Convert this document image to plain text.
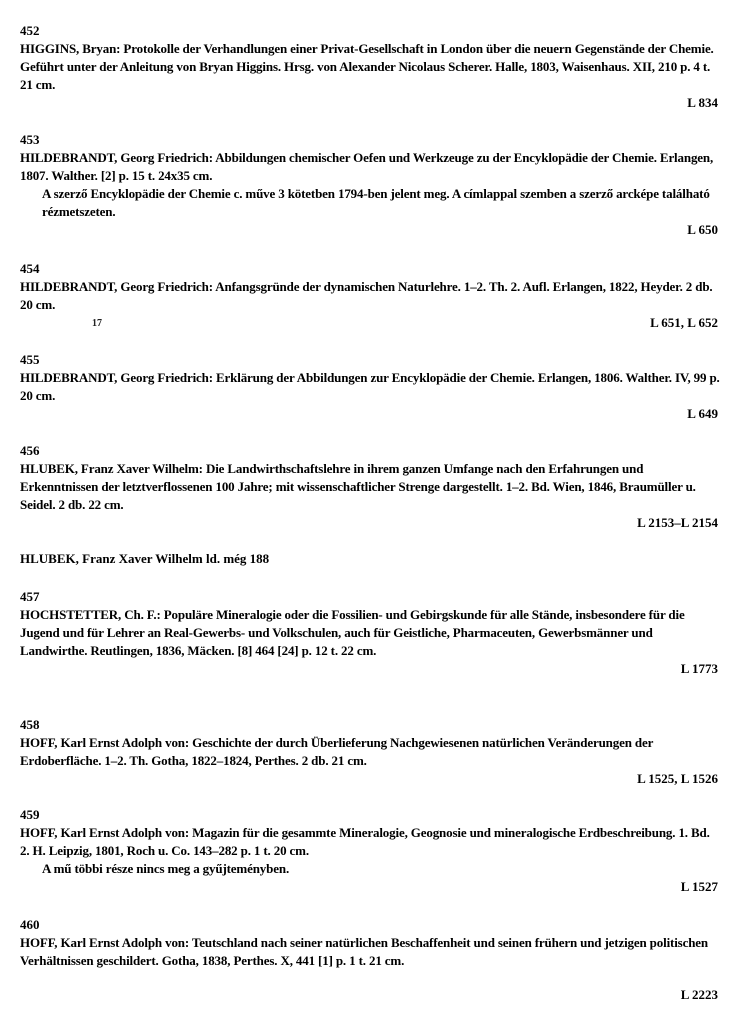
452
HIGGINS, Bryan: Protokolle der Verhandlungen einer Privat-Gesellschaft in London über die neuern Gegenstände der Chemie. Geführt unter der Anleitung von Bryan Higgins. Hrsg. von Alexander Nicolaus Scherer. Halle, 1803, Waisenhaus. XII, 210 p. 4 t. 21 cm.
L 834
453
HILDEBRANDT, Georg Friedrich: Abbildungen chemischer Oefen und Werkzeuge zu der Encyklopädie der Chemie. Erlangen, 1807. Walther. [2] p. 15 t. 24x35 cm.
A szerző Encyklopädie der Chemie c. műve 3 kötetben 1794-ben jelent meg. A címlappal szemben a szerző arcképe található rézmetszeten.
L 650
454
HILDEBRANDT, Georg Friedrich: Anfangsgründe der dynamischen Naturlehre. 1–2. Th. 2. Aufl. Erlangen, 1822, Heyder. 2 db. 20 cm.
L 651, L 652
17
455
HILDEBRANDT, Georg Friedrich: Erklärung der Abbildungen zur Encyklopädie der Chemie. Erlangen, 1806. Walther. IV, 99 p. 20 cm.
L 649
456
HLUBEK, Franz Xaver Wilhelm: Die Landwirthschaftslehre in ihrem ganzen Umfange nach den Erfahrungen und Erkenntnissen der letztverflossenen 100 Jahre; mit wissenschaftlicher Strenge dargestellt. 1–2. Bd. Wien, 1846, Braumüller u. Seidel. 2 db. 22 cm.
L 2153–L 2154
HLUBEK, Franz Xaver Wilhelm ld. még 188
457
HOCHSTETTER, Ch. F.: Populäre Mineralogie oder die Fossilien- und Gebirgskunde für alle Stände, insbesondere für die Jugend und für Lehrer an Real-Gewerbs- und Volkschulen, auch für Geistliche, Pharmaceuten, Gewerbsmänner und Landwirthe. Reutlingen, 1836, Mäcken. [8] 464 [24] p. 12 t. 22 cm.
L 1773
458
HOFF, Karl Ernst Adolph von: Geschichte der durch Überlieferung Nachgewiesenen natürlichen Veränderungen der Erdoberfläche. 1–2. Th. Gotha, 1822–1824, Perthes. 2 db. 21 cm.
L 1525, L 1526
459
HOFF, Karl Ernst Adolph von: Magazin für die gesammte Mineralogie, Geognosie und mineralogische Erdbeschreibung. 1. Bd. 2. H. Leipzig, 1801, Roch u. Co. 143–282 p. 1 t. 20 cm.
A mű többi része nincs meg a gyűjteményben.
L 1527
460
HOFF, Karl Ernst Adolph von: Teutschland nach seiner natürlichen Beschaffenheit und seinen frühern und jetzigen politischen Verhältnissen geschildert. Gotha, 1838, Perthes. X, 441 [1] p. 1 t. 21 cm.
L 2223
